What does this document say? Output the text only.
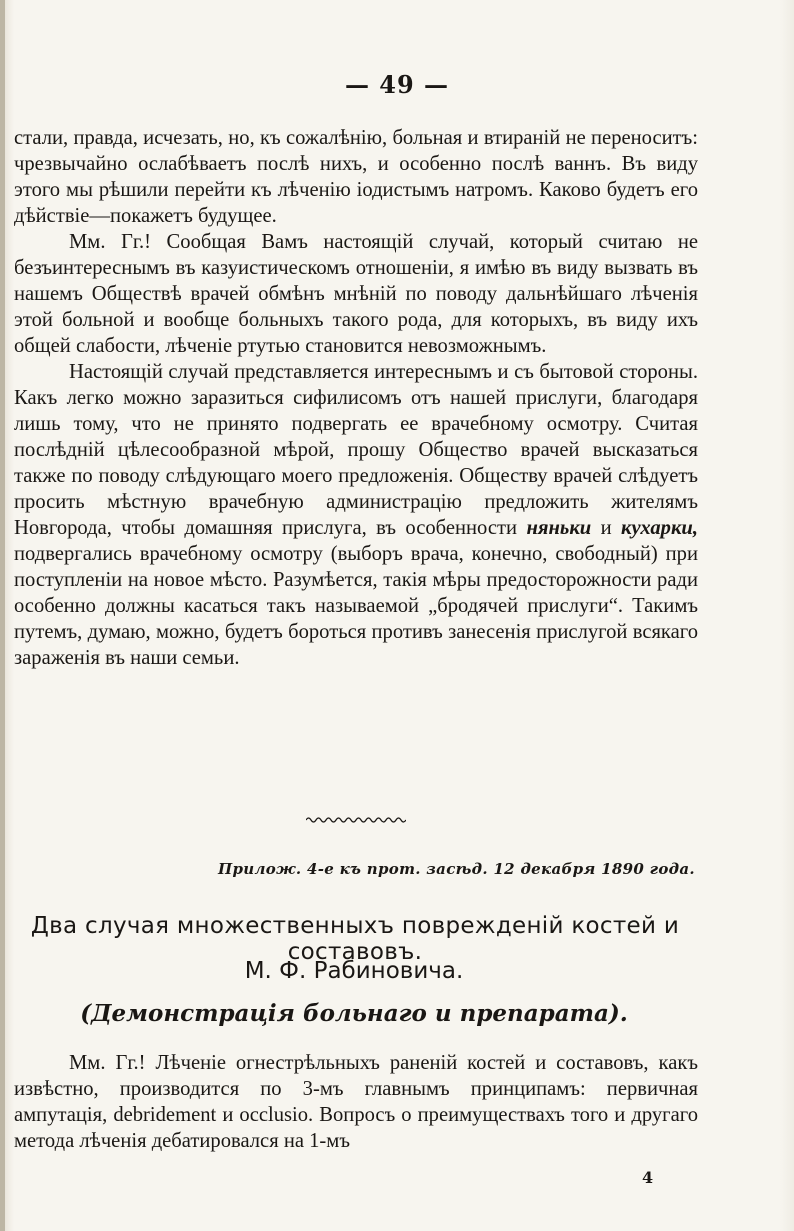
— 49 —

стали, правда, исчезать, но, къ сожалѣнію, больная и втираній не переноситъ: чрезвычайно ослабѣваетъ послѣ нихъ, и особенно послѣ ваннъ. Въ виду этого мы рѣшили перейти къ лѣченію іодистымъ натромъ. Каково будетъ его дѣйствіе—покажетъ будущее.

Мм. Гг.! Сообщая Вамъ настоящій случай, который считаю не безъинтереснымъ въ казуистическомъ отношеніи, я имѣю въ виду вызвать въ нашемъ Обществѣ врачей обмѣнъ мнѣній по поводу дальнѣйшаго лѣченія этой больной и вообще больныхъ такого рода, для которыхъ, въ виду ихъ общей слабости, лѣченіе ртутью становится невозможнымъ.

Настоящій случай представляется интереснымъ и съ бытовой стороны. Какъ легко можно заразиться сифилисомъ отъ нашей прислуги, благодаря лишь тому, что не принято подвергать ее врачебному осмотру. Считая послѣдній цѣлесообразной мѣрой, прошу Общество врачей высказаться также по поводу слѣдующаго моего предложенія. Обществу врачей слѣдуетъ просить мѣстную врачебную администрацію предложить жителямъ Новгорода, чтобы домашняя прислуга, въ особенности няньки и кухарки, подвергались врачебному осмотру (выборъ врача, конечно, свободный) при поступленіи на новое мѣсто. Разумѣется, такія мѣры предосторожности ради особенно должны касаться такъ называемой „бродячей прислуги“. Такимъ путемъ, думаю, можно, будетъ бороться противъ занесенія прислугой всякаго зараженія въ наши семьи.

Прилож. 4-е къ прот. засѣд. 12 декабря 1890 года.
Два случая множественныхъ поврежденій костей и составовъ.
М. Ф. Рабиновича.
(Демонстрація больнаго и препарата).

Мм. Гг.! Лѣченіе огнестрѣльныхъ раненій костей и составовъ, какъ извѣстно, производится по 3-мъ главнымъ принципамъ: первичная ампутація, debridement и occlusio. Вопросъ о преимуществахъ того и другаго метода лѣченія дебатировался на 1-мъ

4
